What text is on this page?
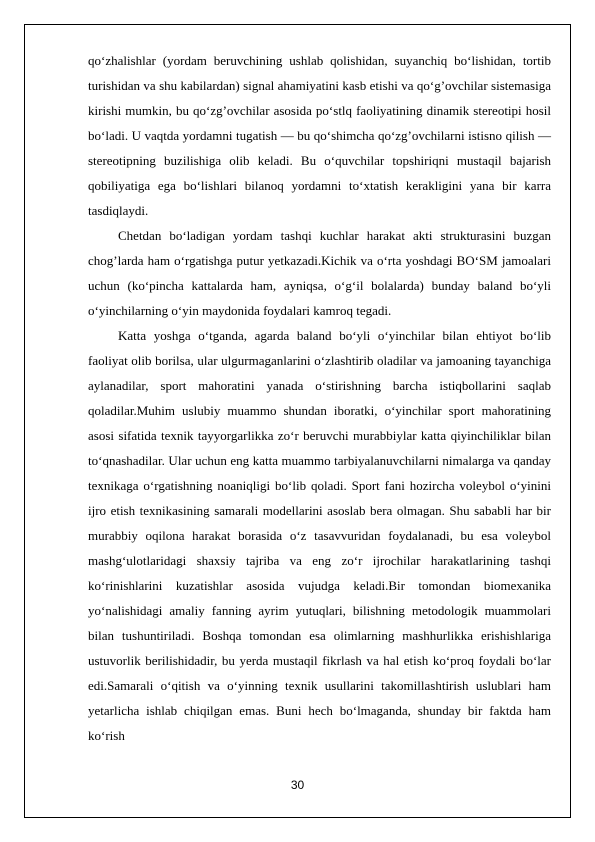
qo‘zhalishlar (yordam beruvchining ushlab qolishidan, suyanchiq bo‘lishidan, tortib turishidan va shu kabilardan) signal ahamiyatini kasb etishi va qo‘g’ovchilar sistemasiga kirishi mumkin, bu qo‘zg’ovchilar asosida po‘stlq faoliyatining dinamik stereotipi hosil bo‘ladi. U vaqtda yordamni tugatish — bu qo‘shimcha qo‘zg’ovchilarni istisno qilish — stereotipning buzilishiga olib keladi. Bu o‘quvchilar topshiriqni mustaqil bajarish qobiliyatiga ega bo‘lishlari bilanoq yordamni to‘xtatish kerakligini yana bir karra tasdiqlaydi.

Chetdan bo‘ladigan yordam tashqi kuchlar harakat akti strukturasini buzgan chog’larda ham o‘rgatishga putur yetkazadi.Kichik va o‘rta yoshdagi BO‘SM jamoalari uchun (ko‘pincha kattalarda ham, ayniqsa, o‘g‘il bolalarda) bunday baland bo‘yli o‘yinchilarning o‘yin maydonida foydalari kamroq tegadi.

Katta yoshga o‘tganda, agarda baland bo‘yli o‘yinchilar bilan ehtiyot bo‘lib faoliyat olib borilsa, ular ulgurmaganlarini o‘zlashtirib oladilar va jamoaning tayanchiga aylanadilar, sport mahoratini yanada o‘stirishning barcha istiqbollarini saqlab qoladilar.Muhim uslubiy muammo shundan iboratki, o‘yinchilar sport mahoratining asosi sifatida texnik tayyorgarlikka zo‘r beruvchi murabbiylar katta qiyinchiliklar bilan to‘qnashadilar. Ular uchun eng katta muammo tarbiyalanuvchilarni nimalarga va qanday texnikaga o‘rgatishning noaniqligi bo‘lib qoladi. Sport fani hozircha voleybol o‘yinini ijro etish texnikasining samarali modellarini asoslab bera olmagan. Shu sababli har bir murabbiy oqilona harakat borasida o‘z tasavvuridan foydalanadi, bu esa voleybol mashg‘ulotlaridagi shaxsiy tajriba va eng zo‘r ijrochilar harakatlarining tashqi ko‘rinishlarini kuzatishlar asosida vujudga keladi.Bir tomondan biomexanika yo‘nalishidagi amaliy fanning ayrim yutuqlari, bilishning metodologik muammolari bilan tushuntiriladi. Boshqa tomondan esa olimlarning mashhurlikka erishishlariga ustuvorlik berilishidadir, bu yerda mustaqil fikrlash va hal etish ko‘proq foydali bo‘lar edi.Samarali o‘qitish va o‘yinning texnik usullarini takomillashtirish uslublari ham yetarlicha ishlab chiqilgan emas. Buni hech bo‘lmaganda, shunday bir faktda ham ko‘rish

30
